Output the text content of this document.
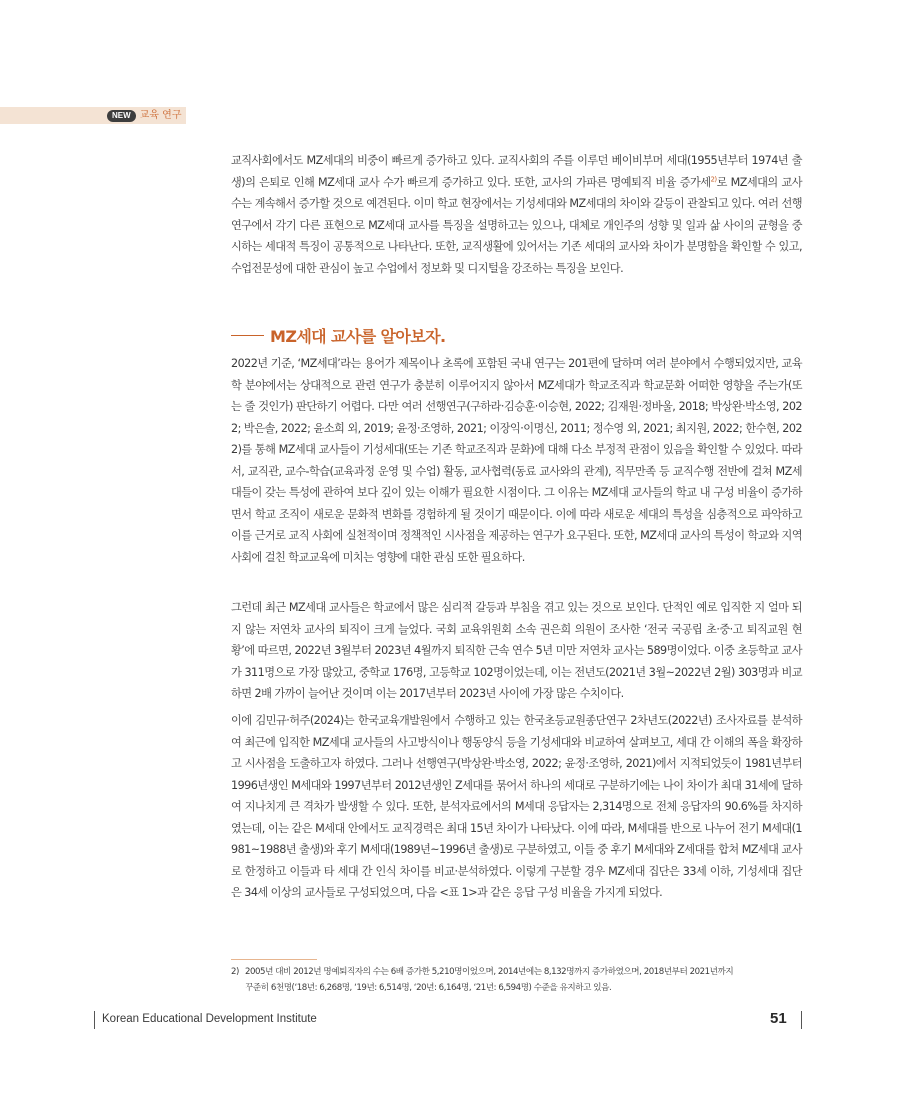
NEW 교육 연구

교직사회에서도 MZ세대의 비중이 빠르게 증가하고 있다. 교직사회의 주를 이루던 베이비부머 세대(1955년부터 1974년 출생)의 은퇴로 인해 MZ세대 교사 수가 빠르게 증가하고 있다. 또한, 교사의 가파른 명예퇴직 비율 증가세$^{2)}$로 MZ세대의 교사 수는 계속해서 증가할 것으로 예견된다. 이미 학교 현장에서는 기성세대와 MZ세대의 차이와 갈등이 관찰되고 있다. 여러 선행연구에서 각기 다른 표현으로 MZ세대 교사를 특징을 설명하고는 있으나, 대체로 개인주의 성향 및 일과 삶 사이의 균형을 중시하는 세대적 특징이 공통적으로 나타난다. 또한, 교직생활에 있어서는 기존 세대의 교사와 차이가 분명함을 확인할 수 있고, 수업전문성에 대한 관심이 높고 수업에서 정보화 및 디지털을 강조하는 특징을 보인다.

MZ세대 교사를 알아보자.

2022년 기준, ‘MZ세대’라는 용어가 제목이나 초록에 포함된 국내 연구는 201편에 달하며 여러 분야에서 수행되었지만, 교육학 분야에서는 상대적으로 관련 연구가 충분히 이루어지지 않아서 MZ세대가 학교조직과 학교문화 어떠한 영향을 주는가(또는 줄 것인가) 판단하기 어렵다. 다만 여러 선행연구(구하라·김승훈·이승현, 2022; 김재원·정바울, 2018; 박상완·박소영, 2022; 박은솔, 2022; 윤소희 외, 2019; 윤정·조영하, 2021; 이장익·이명신, 2011; 정수영 외, 2021; 최지원, 2022; 한수현, 2022)를 통해 MZ세대 교사들이 기성세대(또는 기존 학교조직과 문화)에 대해 다소 부정적 관점이 있음을 확인할 수 있었다. 따라서, 교직관, 교수-학습(교육과정 운영 및 수업) 활동, 교사협력(동료 교사와의 관계), 직무만족 등 교직수행 전반에 걸쳐 MZ세대들이 갖는 특성에 관하여 보다 깊이 있는 이해가 필요한 시점이다. 그 이유는 MZ세대 교사들의 학교 내 구성 비율이 증가하면서 학교 조직이 새로운 문화적 변화를 경험하게 될 것이기 때문이다. 이에 따라 새로운 세대의 특성을 심층적으로 파악하고 이를 근거로 교직 사회에 실천적이며 정책적인 시사점을 제공하는 연구가 요구된다. 또한, MZ세대 교사의 특성이 학교와 지역사회에 걸친 학교교육에 미치는 영향에 대한 관심 또한 필요하다.

그런데 최근 MZ세대 교사들은 학교에서 많은 심리적 갈등과 부침을 겪고 있는 것으로 보인다. 단적인 예로 입직한 지 얼마 되지 않는 저연차 교사의 퇴직이 크게 늘었다. 국회 교육위원회 소속 권은희 의원이 조사한 ‘전국 국공립 초·중·고 퇴직교원 현황’에 따르면, 2022년 3월부터 2023년 4월까지 퇴직한 근속 연수 5년 미만 저연차 교사는 589명이었다. 이중 초등학교 교사가 311명으로 가장 많았고, 중학교 176명, 고등학교 102명이었는데, 이는 전년도(2021년 3월~2022년 2월) 303명과 비교하면 2배 가까이 늘어난 것이며 이는 2017년부터 2023년 사이에 가장 많은 수치이다.

이에 김민규·허주(2024)는 한국교육개발원에서 수행하고 있는 한국초등교원종단연구 2차년도(2022년) 조사자료를 분석하여 최근에 입직한 MZ세대 교사들의 사고방식이나 행동양식 등을 기성세대와 비교하여 살펴보고, 세대 간 이해의 폭을 확장하고 시사점을 도출하고자 하였다. 그러나 선행연구(박상완·박소영, 2022; 윤정·조영하, 2021)에서 지적되었듯이 1981년부터 1996년생인 M세대와 1997년부터 2012년생인 Z세대를 묶어서 하나의 세대로 구분하기에는 나이 차이가 최대 31세에 달하여 지나치게 큰 격차가 발생할 수 있다. 또한, 분석자료에서의 M세대 응답자는 2,314명으로 전체 응답자의 90.6%를 차지하였는데, 이는 같은 M세대 안에서도 교직경력은 최대 15년 차이가 나타났다. 이에 따라, M세대를 반으로 나누어 전기 M세대(1981~1988년 출생)와 후기 M세대(1989년~1996년 출생)로 구분하였고, 이들 중 후기 M세대와 Z세대를 합쳐 MZ세대 교사로 한정하고 이들과 타 세대 간 인식 차이를 비교·분석하였다. 이렇게 구분할 경우 MZ세대 집단은 33세 이하, 기성세대 집단은 34세 이상의 교사들로 구성되었으며, 다음 <표 1>과 같은 응답 구성 비율을 가지게 되었다.

2) 2005년 대비 2012년 명예퇴직자의 수는 6배 증가한 5,210명이었으며, 2014년에는 8,132명까지 증가하였으며, 2018년부터 2021년까지
꾸준히 6천명(‘18년: 6,268명, ‘19년: 6,514명, ‘20년: 6,164명, ‘21년: 6,594명) 수준을 유지하고 있음.
Korean Educational Development Institute	51
